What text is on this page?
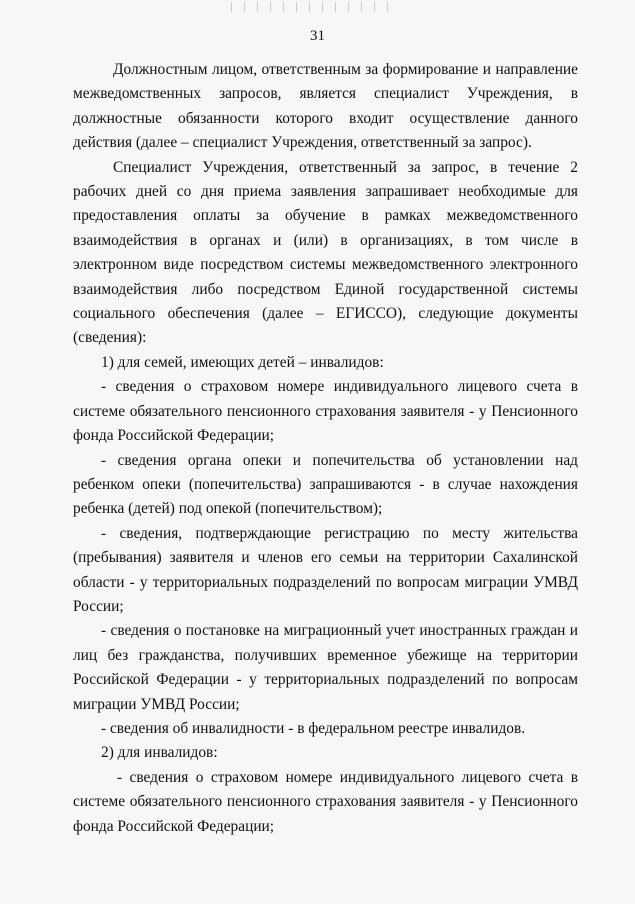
31

Должностным лицом, ответственным за формирование и направление межведомственных запросов, является специалист Учреждения, в должностные обязанности которого входит осуществление данного действия (далее – специалист Учреждения, ответственный за запрос).

Специалист Учреждения, ответственный за запрос, в течение 2 рабочих дней со дня приема заявления запрашивает необходимые для предоставления оплаты за обучение в рамках межведомственного взаимодействия в органах и (или) в организациях, в том числе в электронном виде посредством системы межведомственного электронного взаимодействия либо посредством Единой государственной системы социального обеспечения (далее – ЕГИССО), следующие документы (сведения):

1) для семей, имеющих детей – инвалидов:

- сведения о страховом номере индивидуального лицевого счета в системе обязательного пенсионного страхования заявителя - у Пенсионного фонда Российской Федерации;

- сведения органа опеки и попечительства об установлении над ребенком опеки (попечительства) запрашиваются - в случае нахождения ребенка (детей) под опекой (попечительством);

- сведения, подтверждающие регистрацию по месту жительства (пребывания) заявителя и членов его семьи на территории Сахалинской области - у территориальных подразделений по вопросам миграции УМВД России;

- сведения о постановке на миграционный учет иностранных граждан и лиц без гражданства, получивших временное убежище на территории Российской Федерации - у территориальных подразделений по вопросам миграции УМВД России;

- сведения об инвалидности - в федеральном реестре инвалидов.

2) для инвалидов:

- сведения о страховом номере индивидуального лицевого счета в системе обязательного пенсионного страхования заявителя - у Пенсионного фонда Российской Федерации;
